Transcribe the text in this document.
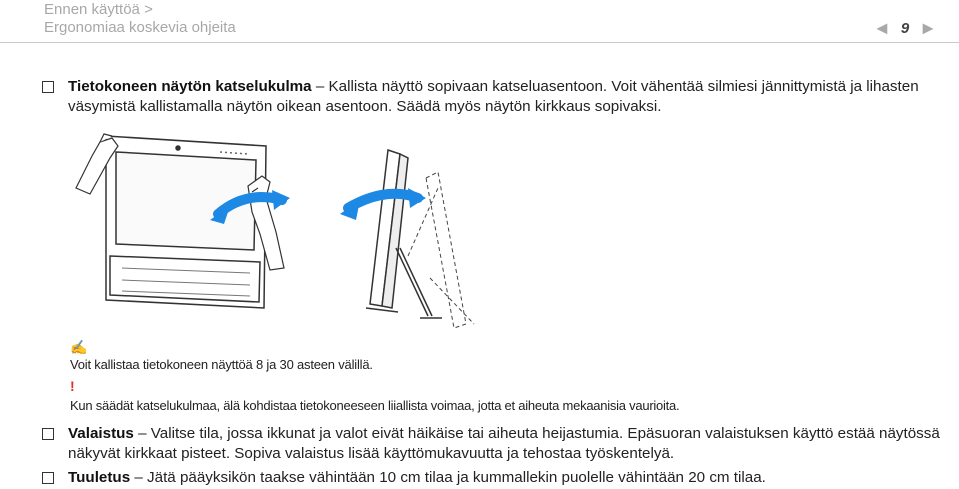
Ennen käyttöä >
Ergonomiaa koskevia ohjeita	◄ 9 ►
Tietokoneen näytön katselukulma – Kallista näyttö sopivaan katseluasentoon. Voit vähentää silmiesi jännittymistä ja lihasten väsymistä kallistamalla näytön oikean asentoon. Säädä myös näytön kirkkaus sopivaksi.
✍
Voit kallistaa tietokoneen näyttöä 8 ja 30 asteen välillä.
!
Kun säädät katselukulmaa, älä kohdistaa tietokoneeseen liiallista voimaa, jotta et aiheuta mekaanisia vaurioita.
Valaistus – Valitse tila, jossa ikkunat ja valot eivät häikäise tai aiheuta heijastumia. Epäsuoran valaistuksen käyttö estää näytössä näkyvät kirkkaat pisteet. Sopiva valaistus lisää käyttömukavuutta ja tehostaa työskentelyä.
Tuuletus – Jätä pääyksikön taakse vähintään 10 cm tilaa ja kummallekin puolelle vähintään 20 cm tilaa.
